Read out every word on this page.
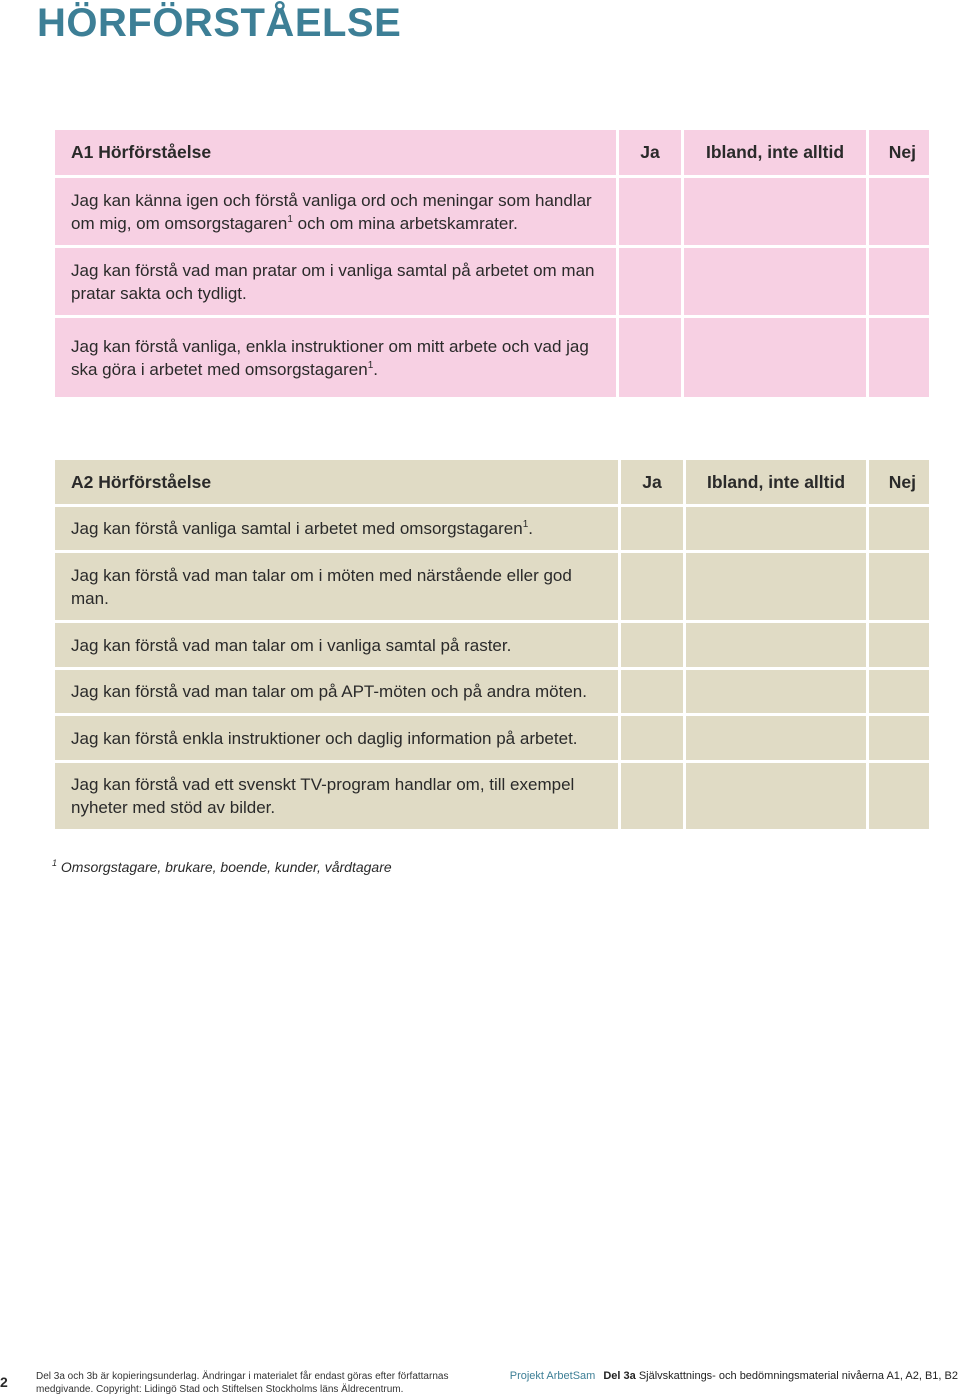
HÖRFÖRSTÅELSE
A1 Hörförståelse	Ja	Ibland, inte alltid	Nej
Jag kan känna igen och förstå vanliga ord och meningar som handlar om mig, om omsorgstagaren$^1$ och om mina arbetskamrater.			
Jag kan förstå vad man pratar om i vanliga samtal på arbetet om man pratar sakta och tydligt.			
Jag kan förstå vanliga, enkla instruktioner om mitt arbete och vad jag ska göra i arbetet med omsorgstagaren$^1$.			
A2 Hörförståelse	Ja	Ibland, inte alltid	Nej
Jag kan förstå vanliga samtal i arbetet med omsorgstagaren$^1$.			
Jag kan förstå vad man talar om i möten med närstående eller god man.			
Jag kan förstå vad man talar om i vanliga samtal på raster.			
Jag kan förstå vad man talar om på APT-möten och på andra möten.			
Jag kan förstå enkla instruktioner och daglig information på arbetet.			
Jag kan förstå vad ett svenskt TV-program handlar om, till exempel nyheter med stöd av bilder.			
$^1$ Omsorgstagare, brukare, boende, kunder, vårdtagare
2	Del 3a och 3b är kopieringsunderlag. Ändringar i materialet får endast göras efter författarnas medgivande. Copyright: Lidingö Stad och Stiftelsen Stockholms läns Äldrecentrum.
Projekt ArbetSam Del 3a Självskattnings- och bedömningsmaterial nivåerna A1, A2, B1, B2
